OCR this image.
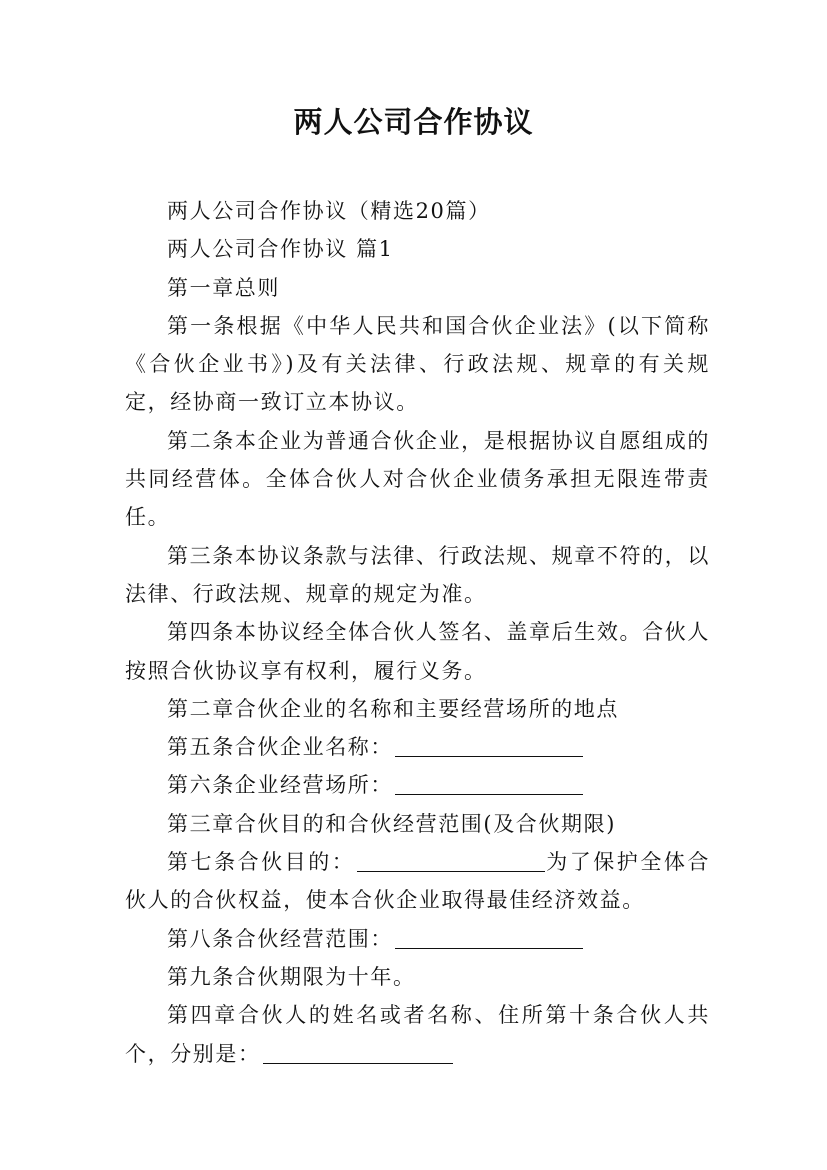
两人公司合作协议

两人公司合作协议（精选20篇）

两人公司合作协议 篇1

第一章总则

第一条根据《中华人民共和国合伙企业法》(以下简称《合伙企业书》)及有关法律、行政法规、规章的有关规定，经协商一致订立本协议。

第二条本企业为普通合伙企业，是根据协议自愿组成的共同经营体。全体合伙人对合伙企业债务承担无限连带责任。

第三条本协议条款与法律、行政法规、规章不符的，以法律、行政法规、规章的规定为准。

第四条本协议经全体合伙人签名、盖章后生效。合伙人按照合伙协议享有权利，履行义务。

第二章合伙企业的名称和主要经营场所的地点

第五条合伙企业名称：

第六条企业经营场所：

第三章合伙目的和合伙经营范围(及合伙期限)

第七条合伙目的：	为了保护全体合伙人的合伙权益，使本合伙企业取得最佳经济效益。

第八条合伙经营范围：

第九条合伙期限为十年。

第四章合伙人的姓名或者名称、住所第十条合伙人共个，分别是：
